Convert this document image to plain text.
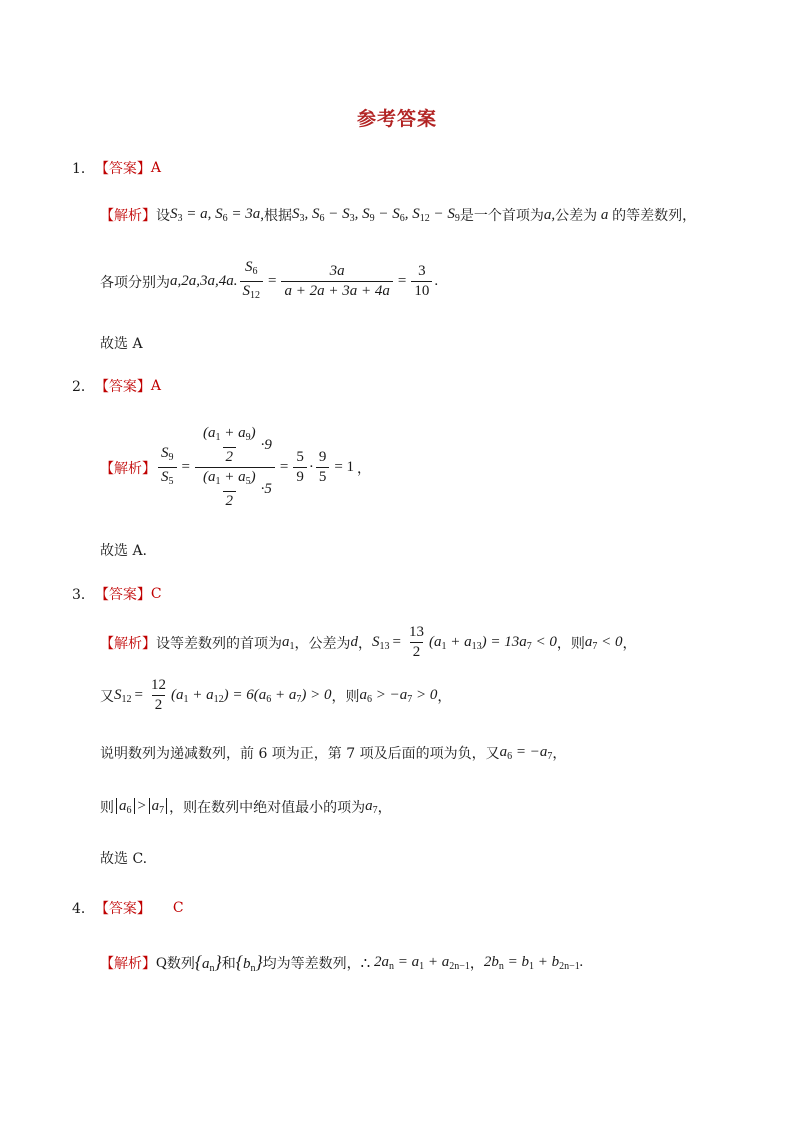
参考答案
1． 【答案】 A
【解析】 设 $S_3 = a$, $S_6 = 3a$ , 根据 $S_3$, $S_6 - S_3$, $S_9 - S_6$, $S_{12} - S_9$ 是一个首项为 a, 公差为 a 的等差数列，
各项分别为 a,2a,3a,4a. $\frac{S_6}{S_{12}} = \frac{3a}{a + 2a + 3a + 4a} = \frac{3}{10}$ .
故选 A
2． 【答案】 A
【解析】 $\frac{S_9}{S_5} = \frac{\frac{(a_1 + a_9)}{2} \cdot 9}{\frac{(a_1 + a_5)}{2} \cdot 5} = \frac{5}{9} \cdot \frac{9}{5} = 1$ ，
故选 A.
3． 【答案】 C
【解析】 设等差数列的首项为 $a_1$ ，公差为 d ， $S_{13} = \frac{13}{2} (a_1 + a_{13}) = 13a_7 < 0$ ，则 $a_7 < 0$ ，
又 $S_{12} = \frac{12}{2} (a_1 + a_{12}) = 6(a_6 + a_7) > 0$ ，则 $a_6 > -a_7 > 0$ ，
说明数列为递减数列，前 6 项为正，第 7 项及后面的项为负，又 $a_6 = -a_7$ ，
则 $a_6 > a_7$ ，则在数列中绝对值最小的项为 $a_7$ ，
故选 C.
4． 【答案】 C
【解析】 Q 数列 $\{a_n\}$ 和 $\{b_n\}$ 均为等差数列， ∴ $2a_n = a_1 + a_{2n-1}$ ， $2b_n = b_1 + b_{2n-1}$.
